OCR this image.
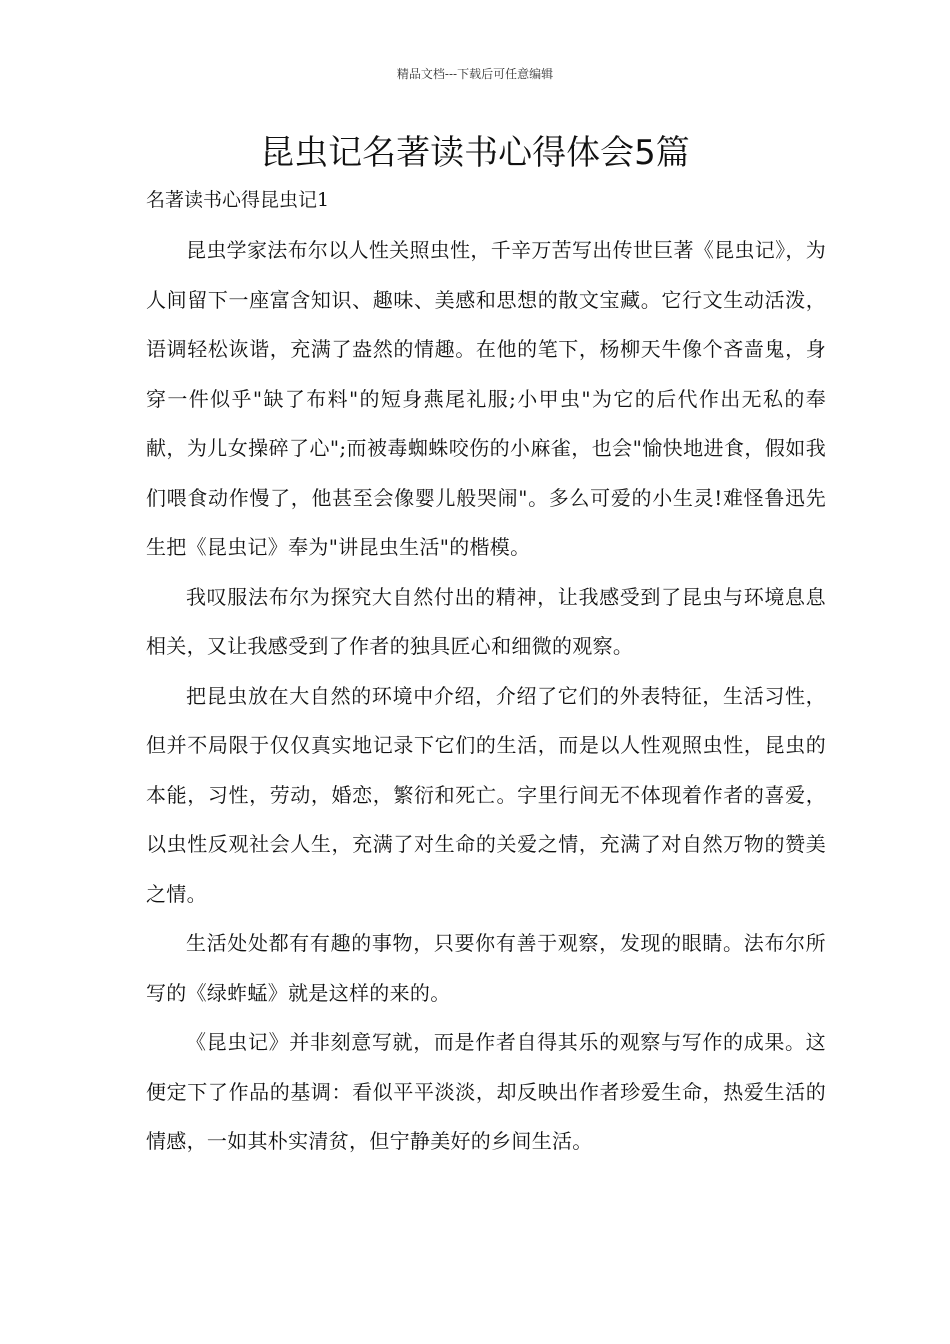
精品文档---下载后可任意编辑
昆虫记名著读书心得体会5篇

名著读书心得昆虫记1

昆虫学家法布尔以人性关照虫性，千辛万苦写出传世巨著《昆虫记》，为人间留下一座富含知识、趣味、美感和思想的散文宝藏。它行文生动活泼，语调轻松诙谐，充满了盎然的情趣。在他的笔下，杨柳天牛像个吝啬鬼，身穿一件似乎"缺了布料"的短身燕尾礼服;小甲虫"为它的后代作出无私的奉献，为儿女操碎了心";而被毒蜘蛛咬伤的小麻雀，也会"愉快地进食，假如我们喂食动作慢了，他甚至会像婴儿般哭闹"。多么可爱的小生灵!难怪鲁迅先生把《昆虫记》奉为"讲昆虫生活"的楷模。

我叹服法布尔为探究大自然付出的精神，让我感受到了昆虫与环境息息相关，又让我感受到了作者的独具匠心和细微的观察。

把昆虫放在大自然的环境中介绍，介绍了它们的外表特征，生活习性，但并不局限于仅仅真实地记录下它们的生活，而是以人性观照虫性，昆虫的本能，习性，劳动，婚恋，繁衍和死亡。字里行间无不体现着作者的喜爱，以虫性反观社会人生，充满了对生命的关爱之情，充满了对自然万物的赞美之情。

生活处处都有有趣的事物，只要你有善于观察，发现的眼睛。法布尔所写的《绿蚱蜢》就是这样的来的。

《昆虫记》并非刻意写就，而是作者自得其乐的观察与写作的成果。这便定下了作品的基调：看似平平淡淡，却反映出作者珍爱生命，热爱生活的情感，一如其朴实清贫，但宁静美好的乡间生活。
